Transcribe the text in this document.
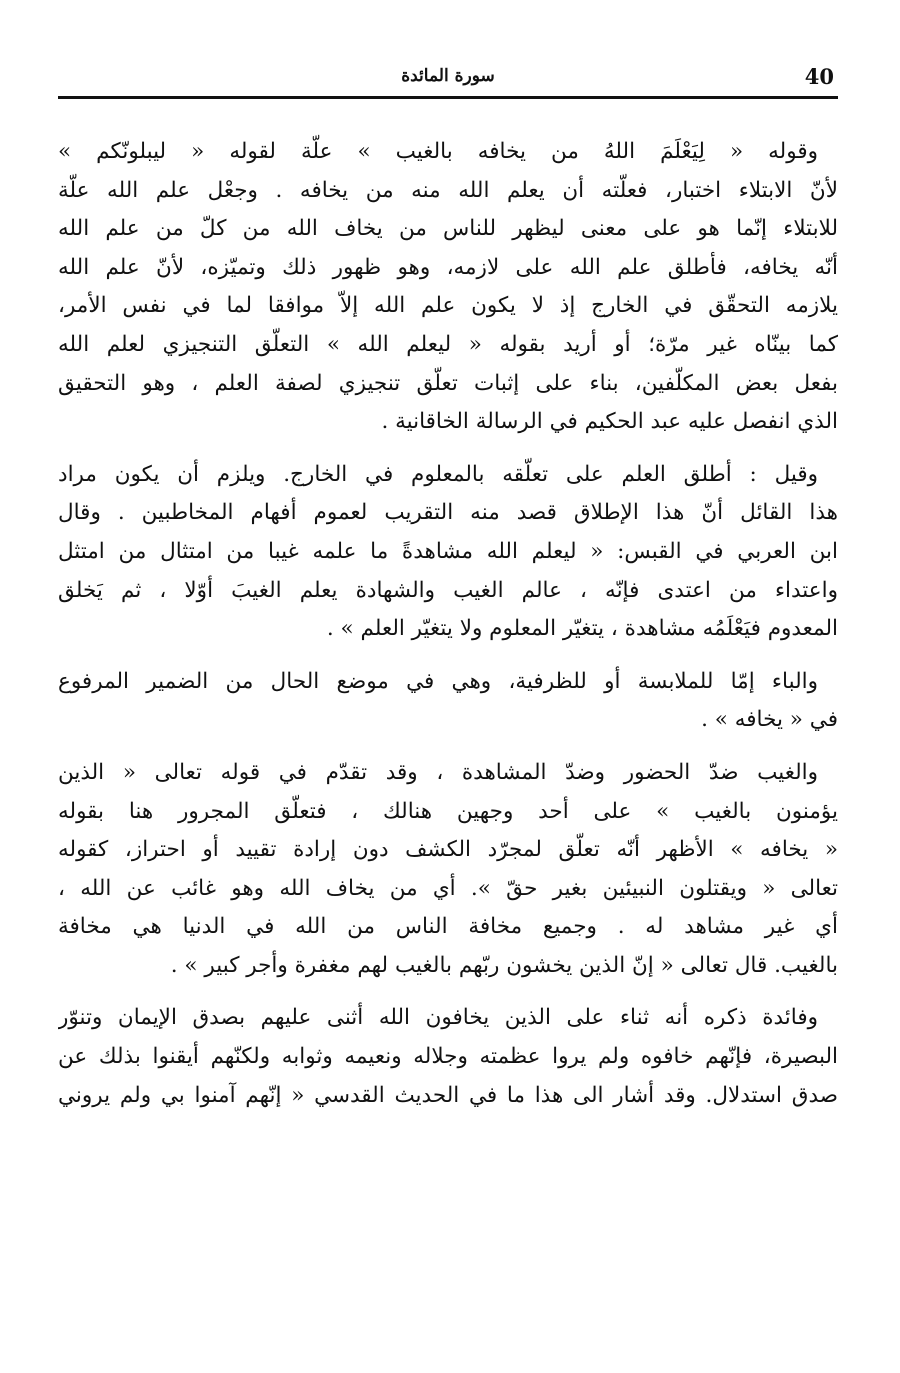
40
سورة المائدة
وقوله « لِيَعْلَمَ اللهُ من يخافه بالغيب » علّة لقوله « ليبلونّكم »
لأنّ الابتلاء اختبار، فعلّته أن يعلم الله منه من يخافه . وجعْل علم الله علّة
للابتلاء إنّما هو على معنى ليظهر للناس من يخاف الله من كلّ من علم الله
أنّه يخافه، فأطلق علم الله على لازمه، وهو ظهور ذلك وتميّزه، لأنّ علم الله
يلازمه التحقّق في الخارج إذ لا يكون علم الله إلاّ موافقا لما في نفس الأمر،
كما بينّاه غير مرّة؛ أو أريد بقوله « ليعلم الله » التعلّق التنجيزي لعلم الله
بفعل بعض المكلّفين، بناء على إثبات تعلّق تنجيزي لصفة العلم ، وهو التحقيق
الذي انفصل عليه عبد الحكيم في الرسالة الخاقانية .
وقيل : أطلق العلم على تعلّقه بالمعلوم في الخارج. ويلزم أن يكون مراد
هذا القائل أنّ هذا الإطلاق قصد منه التقريب لعموم أفهام المخاطبين . وقال
ابن العربي في القبس: « ليعلم الله مشاهدةً ما علمه غيبا من امتثال من امتثل
واعتداء من اعتدى فإنّه ، عالم الغيب والشهادة يعلم الغيبَ أوّلا ، ثم يَخلق
المعدوم فيَعْلَمُه مشاهدة ، يتغيّر المعلوم ولا يتغيّر العلم » .
والباء إمّا للملابسة أو للظرفية، وهي في موضع الحال من الضمير المرفوع
في « يخافه » .
والغيب ضدّ الحضور وضدّ المشاهدة ، وقد تقدّم في قوله تعالى « الذين
يؤمنون بالغيب » على أحد وجهين هنالك ، فتعلّق المجرور هنا بقوله
« يخافه » الأظهر أنّه تعلّق لمجرّد الكشف دون إرادة تقييد أو احتراز، كقوله
تعالى « ويقتلون النبيئين بغير حقّ ». أي من يخاف الله وهو غائب عن الله ،
أي غير مشاهد له . وجميع مخافة الناس من الله في الدنيا هي مخافة
بالغيب. قال تعالى « إنّ الذين يخشون ربّهم بالغيب لهم مغفرة وأجر كبير » .
وفائدة ذكره أنه ثناء على الذين يخافون الله أثنى عليهم بصدق الإيمان وتنوّر
البصيرة، فإنّهم خافوه ولم يروا عظمته وجلاله ونعيمه وثوابه ولكنّهم أيقنوا بذلك عن
صدق استدلال. وقد أشار الى هذا ما في الحديث القدسي « إنّهم آمنوا بي ولم يروني
